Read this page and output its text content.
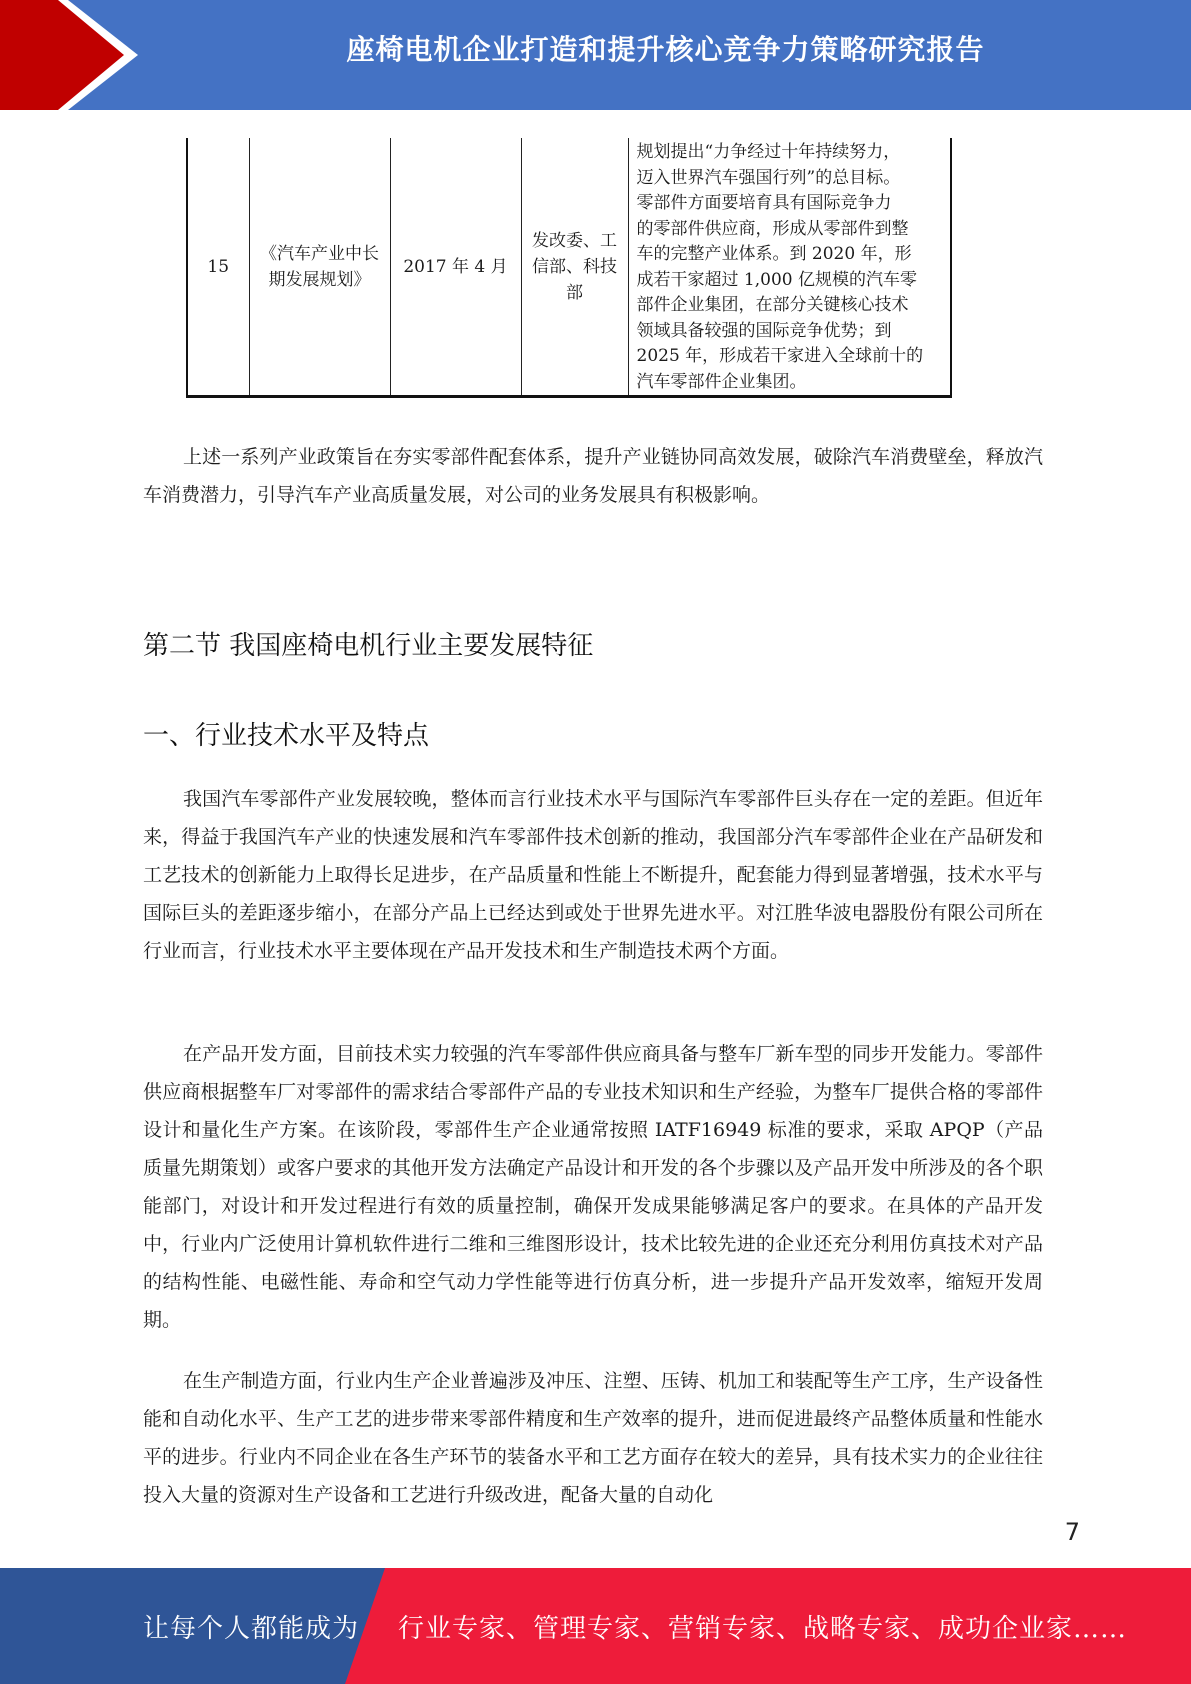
座椅电机企业打造和提升核心竞争力策略研究报告
15	《汽车产业中长期发展规划》	2017 年 4 月	发改委、工信部、科技部	
规划提出“力争经过十年持续努力，
迈入世界汽车强国行列”的总目标。
零部件方面要培育具有国际竞争力
的零部件供应商，形成从零部件到整
车的完整产业体系。到 2020 年，形
成若干家超过 1,000 亿规模的汽车零
部件企业集团，在部分关键核心技术
领域具备较强的国际竞争优势；到
2025 年，形成若干家进入全球前十的
汽车零部件企业集团。

上述一系列产业政策旨在夯实零部件配套体系，提升产业链协同高效发展，破除汽车消费壁垒，释放汽车消费潜力，引导汽车产业高质量发展，对公司的业务发展具有积极影响。

第二节 我国座椅电机行业主要发展特征
一、行业技术水平及特点

我国汽车零部件产业发展较晚，整体而言行业技术水平与国际汽车零部件巨头存在一定的差距。但近年来，得益于我国汽车产业的快速发展和汽车零部件技术创新的推动，我国部分汽车零部件企业在产品研发和工艺技术的创新能力上取得长足进步，在产品质量和性能上不断提升，配套能力得到显著增强，技术水平与国际巨头的差距逐步缩小，在部分产品上已经达到或处于世界先进水平。对江胜华波电器股份有限公司所在行业而言，行业技术水平主要体现在产品开发技术和生产制造技术两个方面。

在产品开发方面，目前技术实力较强的汽车零部件供应商具备与整车厂新车型的同步开发能力。零部件供应商根据整车厂对零部件的需求结合零部件产品的专业技术知识和生产经验，为整车厂提供合格的零部件设计和量化生产方案。在该阶段，零部件生产企业通常按照 IATF16949 标准的要求，采取 APQP（产品质量先期策划）或客户要求的其他开发方法确定产品设计和开发的各个步骤以及产品开发中所涉及的各个职能部门，对设计和开发过程进行有效的质量控制，确保开发成果能够满足客户的要求。在具体的产品开发中，行业内广泛使用计算机软件进行二维和三维图形设计，技术比较先进的企业还充分利用仿真技术对产品的结构性能、电磁性能、寿命和空气动力学性能等进行仿真分析，进一步提升产品开发效率，缩短开发周期。

在生产制造方面，行业内生产企业普遍涉及冲压、注塑、压铸、机加工和装配等生产工序，生产设备性能和自动化水平、生产工艺的进步带来零部件精度和生产效率的提升，进而促进最终产品整体质量和性能水平的进步。行业内不同企业在各生产环节的装备水平和工艺方面存在较大的差异，具有技术实力的企业往往投入大量的资源对生产设备和工艺进行升级改进，配备大量的自动化

7
让每个人都能成为 行业专家、管理专家、营销专家、战略专家、成功企业家……
